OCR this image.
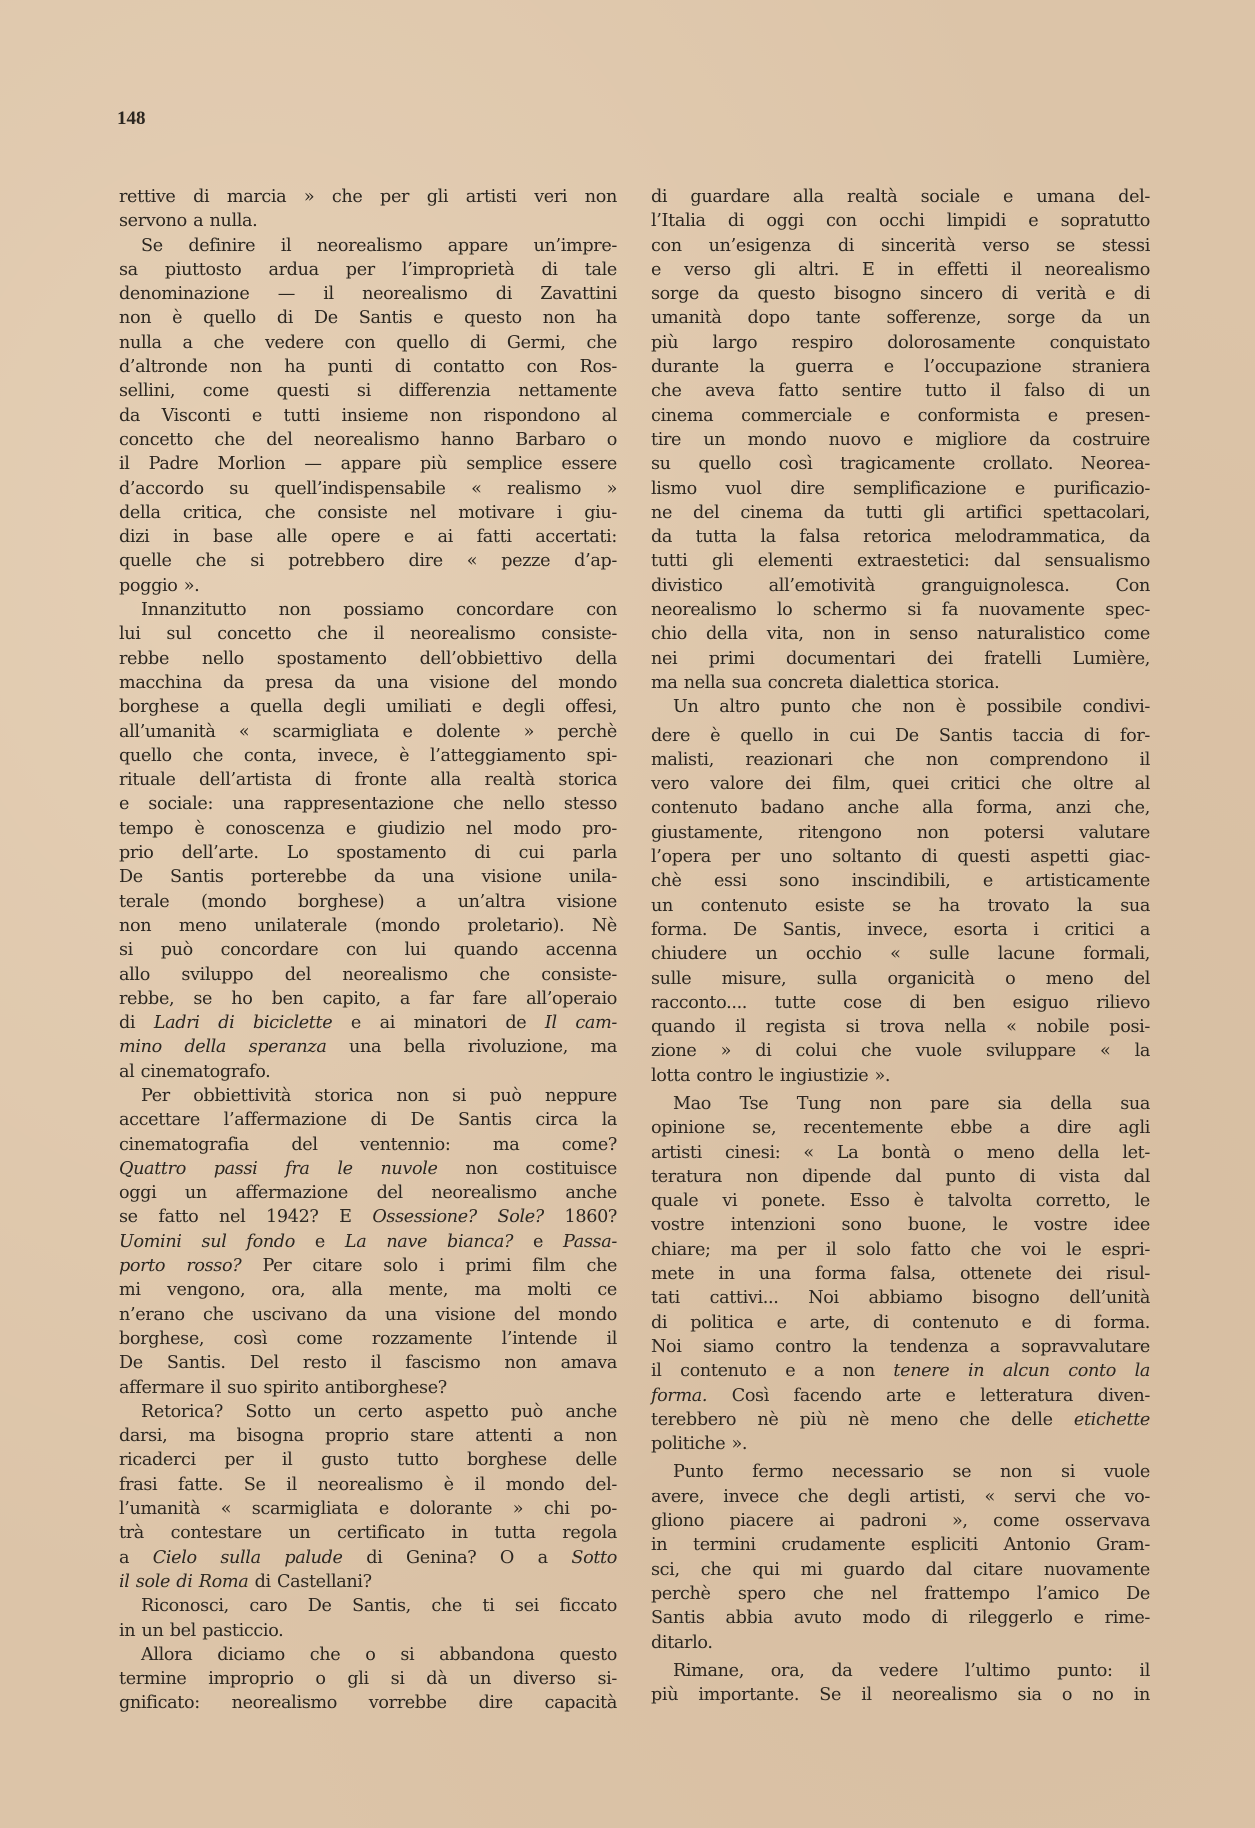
148
rettive di marcia » che per gli artisti veri non
servono a nulla.
Se definire il neorealismo appare un’impre-
sa piuttosto ardua per l’improprietà di tale
denominazione — il neorealismo di Zavattini
non è quello di De Santis e questo non ha
nulla a che vedere con quello di Germi, che
d’altronde non ha punti di contatto con Ros-
sellini, come questi si differenzia nettamente
da Visconti e tutti insieme non rispondono al
concetto che del neorealismo hanno Barbaro o
il Padre Morlion — appare più semplice essere
d’accordo su quell’indispensabile « realismo »
della critica, che consiste nel motivare i giu-
dizi in base alle opere e ai fatti accertati:
quelle che si potrebbero dire « pezze d’ap-
poggio ».
Innanzitutto non possiamo concordare con
lui sul concetto che il neorealismo consiste-
rebbe nello spostamento dell’obbiettivo della
macchina da presa da una visione del mondo
borghese a quella degli umiliati e degli offesi,
all’umanità « scarmigliata e dolente » perchè
quello che conta, invece, è l’atteggiamento spi-
rituale dell’artista di fronte alla realtà storica
e sociale: una rappresentazione che nello stesso
tempo è conoscenza e giudizio nel modo pro-
prio dell’arte. Lo spostamento di cui parla
De Santis porterebbe da una visione unila-
terale (mondo borghese) a un’altra visione
non meno unilaterale (mondo proletario). Nè
si può concordare con lui quando accenna
allo sviluppo del neorealismo che consiste-
rebbe, se ho ben capito, a far fare all’operaio
di Ladri di biciclette e ai minatori de Il cam-
mino della speranza una bella rivoluzione, ma
al cinematografo.
Per obbiettività storica non si può neppure
accettare l’affermazione di De Santis circa la
cinematografia del ventennio: ma come?
Quattro passi fra le nuvole non costituisce
oggi un affermazione del neorealismo anche
se fatto nel 1942? E Ossessione? Sole? 1860?
Uomini sul fondo e La nave bianca? e Passa-
porto rosso? Per citare solo i primi film che
mi vengono, ora, alla mente, ma molti ce
n’erano che uscivano da una visione del mondo
borghese, così come rozzamente l’intende il
De Santis. Del resto il fascismo non amava
affermare il suo spirito antiborghese?
Retorica? Sotto un certo aspetto può anche
darsi, ma bisogna proprio stare attenti a non
ricaderci per il gusto tutto borghese delle
frasi fatte. Se il neorealismo è il mondo del-
l’umanità « scarmigliata e dolorante » chi po-
trà contestare un certificato in tutta regola
a Cielo sulla palude di Genina? O a Sotto
il sole di Roma di Castellani?
Riconosci, caro De Santis, che ti sei ficcato
in un bel pasticcio.
Allora diciamo che o si abbandona questo
termine improprio o gli si dà un diverso si-
gnificato: neorealismo vorrebbe dire capacità
di guardare alla realtà sociale e umana del-
l’Italia di oggi con occhi limpidi e sopratutto
con un’esigenza di sincerità verso se stessi
e verso gli altri. E in effetti il neorealismo
sorge da questo bisogno sincero di verità e di
umanità dopo tante sofferenze, sorge da un
più largo respiro dolorosamente conquistato
durante la guerra e l’occupazione straniera
che aveva fatto sentire tutto il falso di un
cinema commerciale e conformista e presen-
tire un mondo nuovo e migliore da costruire
su quello così tragicamente crollato. Neorea-
lismo vuol dire semplificazione e purificazio-
ne del cinema da tutti gli artifici spettacolari,
da tutta la falsa retorica melodrammatica, da
tutti gli elementi extraestetici: dal sensualismo
divistico all’emotività granguignolesca. Con
neorealismo lo schermo si fa nuovamente spec-
chio della vita, non in senso naturalistico come
nei primi documentari dei fratelli Lumière,
ma nella sua concreta dialettica storica.
Un altro punto che non è possibile condivi-
dere è quello in cui De Santis taccia di for-
malisti, reazionari che non comprendono il
vero valore dei film, quei critici che oltre al
contenuto badano anche alla forma, anzi che,
giustamente, ritengono non potersi valutare
l’opera per uno soltanto di questi aspetti giac-
chè essi sono inscindibili, e artisticamente
un contenuto esiste se ha trovato la sua
forma. De Santis, invece, esorta i critici a
chiudere un occhio « sulle lacune formali,
sulle misure, sulla organicità o meno del
racconto.... tutte cose di ben esiguo rilievo
quando il regista si trova nella « nobile posi-
zione » di colui che vuole sviluppare « la
lotta contro le ingiustizie ».
Mao Tse Tung non pare sia della sua
opinione se, recentemente ebbe a dire agli
artisti cinesi: « La bontà o meno della let-
teratura non dipende dal punto di vista dal
quale vi ponete. Esso è talvolta corretto, le
vostre intenzioni sono buone, le vostre idee
chiare; ma per il solo fatto che voi le espri-
mete in una forma falsa, ottenete dei risul-
tati cattivi... Noi abbiamo bisogno dell’unità
di politica e arte, di contenuto e di forma.
Noi siamo contro la tendenza a sopravvalutare
il contenuto e a non tenere in alcun conto la
forma. Così facendo arte e letteratura diven-
terebbero nè più nè meno che delle etichette
politiche ».
Punto fermo necessario se non si vuole
avere, invece che degli artisti, « servi che vo-
gliono piacere ai padroni », come osservava
in termini crudamente espliciti Antonio Gram-
sci, che qui mi guardo dal citare nuovamente
perchè spero che nel frattempo l’amico De
Santis abbia avuto modo di rileggerlo e rime-
ditarlo.
Rimane, ora, da vedere l’ultimo punto: il
più importante. Se il neorealismo sia o no in
